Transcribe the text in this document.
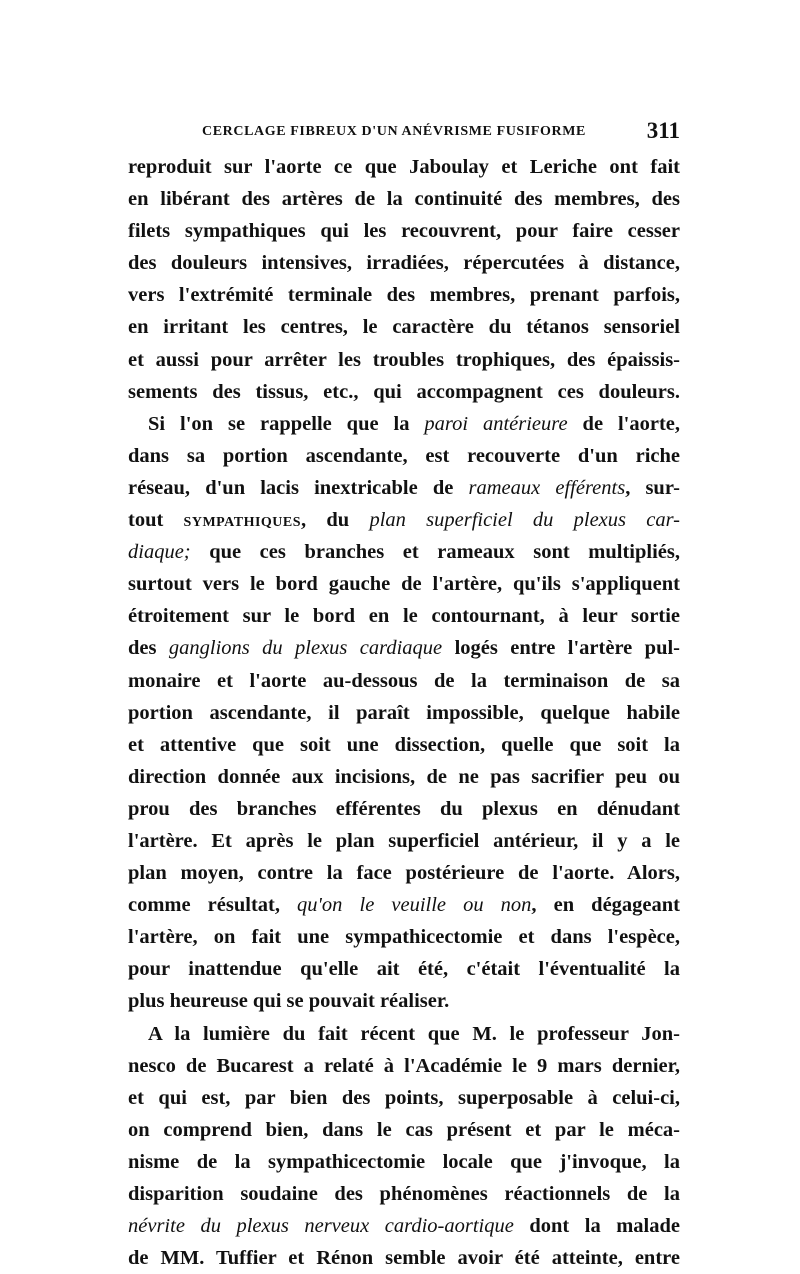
CERCLAGE FIBREUX D'UN ANÉVRISME FUSIFORME	311
reproduit sur l'aorte ce que Jaboulay et Leriche ont fait
en libérant des artères de la continuité des membres, des
filets sympathiques qui les recouvrent, pour faire cesser
des douleurs intensives, irradiées, répercutées à distance,
vers l'extrémité terminale des membres, prenant parfois,
en irritant les centres, le caractère du tétanos sensoriel
et aussi pour arrêter les troubles trophiques, des épaissis-
sements des tissus, etc., qui accompagnent ces douleurs.
Si l'on se rappelle que la paroi antérieure de l'aorte,
dans sa portion ascendante, est recouverte d'un riche
réseau, d'un lacis inextricable de rameaux efférents, sur-
tout SYMPATHIQUES, du plan superficiel du plexus car-
diaque; que ces branches et rameaux sont multipliés,
surtout vers le bord gauche de l'artère, qu'ils s'appliquent
étroitement sur le bord en le contournant, à leur sortie
des ganglions du plexus cardiaque logés entre l'artère pul-
monaire et l'aorte au-dessous de la terminaison de sa
portion ascendante, il paraît impossible, quelque habile
et attentive que soit une dissection, quelle que soit la
direction donnée aux incisions, de ne pas sacrifier peu ou
prou des branches efférentes du plexus en dénudant
l'artère. Et après le plan superficiel antérieur, il y a le
plan moyen, contre la face postérieure de l'aorte. Alors,
comme résultat, qu'on le veuille ou non, en dégageant
l'artère, on fait une sympathicectomie et dans l'espèce,
pour inattendue qu'elle ait été, c'était l'éventualité la
plus heureuse qui se pouvait réaliser.
A la lumière du fait récent que M. le professeur Jon-
nesco de Bucarest a relaté à l'Académie le 9 mars dernier,
et qui est, par bien des points, superposable à celui-ci,
on comprend bien, dans le cas présent et par le méca-
nisme de la sympathicectomie locale que j'invoque, la
disparition soudaine des phénomènes réactionnels de la
névrite du plexus nerveux cardio-aortique dont la malade
de MM. Tuffier et Rénon semble avoir été atteinte, entre
